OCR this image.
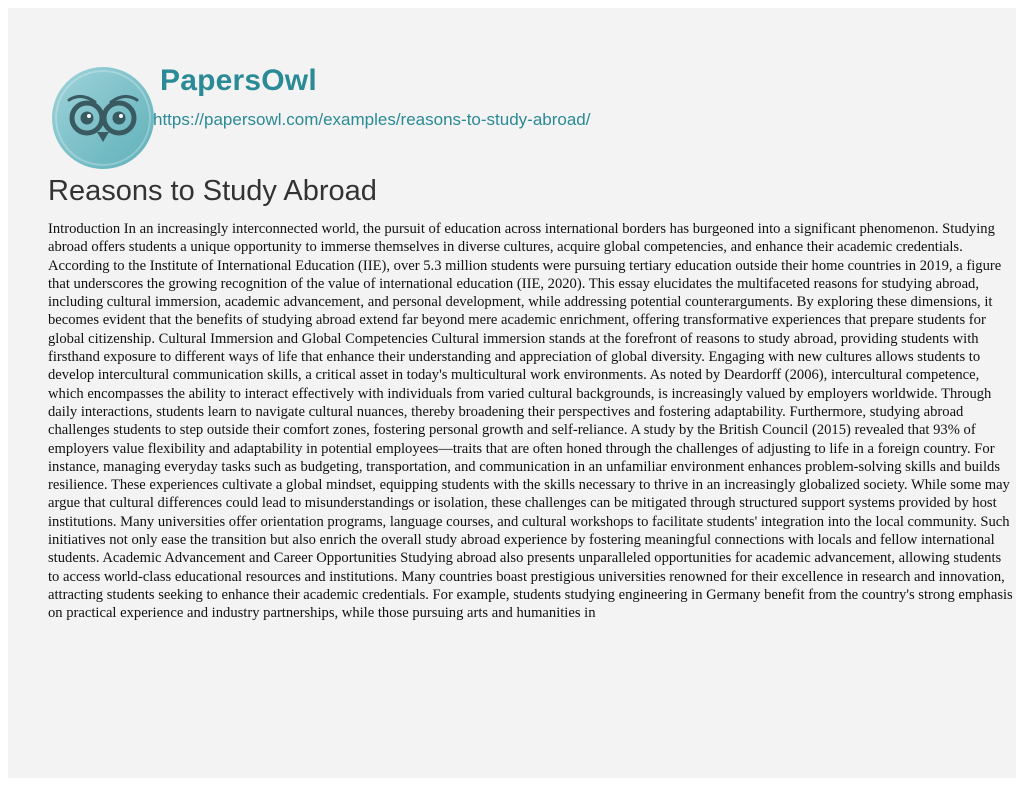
PapersOwl
https://papersowl.com/examples/reasons-to-study-abroad/
Reasons to Study Abroad

Introduction In an increasingly interconnected world, the pursuit of education across international borders has burgeoned into a significant phenomenon. Studying abroad offers students a unique opportunity to immerse themselves in diverse cultures, acquire global competencies, and enhance their academic credentials. According to the Institute of International Education (IIE), over 5.3 million students were pursuing tertiary education outside their home countries in 2019, a figure that underscores the growing recognition of the value of international education (IIE, 2020). This essay elucidates the multifaceted reasons for studying abroad, including cultural immersion, academic advancement, and personal development, while addressing potential counterarguments. By exploring these dimensions, it becomes evident that the benefits of studying abroad extend far beyond mere academic enrichment, offering transformative experiences that prepare students for global citizenship. Cultural Immersion and Global Competencies Cultural immersion stands at the forefront of reasons to study abroad, providing students with firsthand exposure to different ways of life that enhance their understanding and appreciation of global diversity. Engaging with new cultures allows students to develop intercultural communication skills, a critical asset in today's multicultural work environments. As noted by Deardorff (2006), intercultural competence, which encompasses the ability to interact effectively with individuals from varied cultural backgrounds, is increasingly valued by employers worldwide. Through daily interactions, students learn to navigate cultural nuances, thereby broadening their perspectives and fostering adaptability. Furthermore, studying abroad challenges students to step outside their comfort zones, fostering personal growth and self-reliance. A study by the British Council (2015) revealed that 93% of employers value flexibility and adaptability in potential employees—traits that are often honed through the challenges of adjusting to life in a foreign country. For instance, managing everyday tasks such as budgeting, transportation, and communication in an unfamiliar environment enhances problem-solving skills and builds resilience. These experiences cultivate a global mindset, equipping students with the skills necessary to thrive in an increasingly globalized society. While some may argue that cultural differences could lead to misunderstandings or isolation, these challenges can be mitigated through structured support systems provided by host institutions. Many universities offer orientation programs, language courses, and cultural workshops to facilitate students' integration into the local community. Such initiatives not only ease the transition but also enrich the overall study abroad experience by fostering meaningful connections with locals and fellow international students. Academic Advancement and Career Opportunities Studying abroad also presents unparalleled opportunities for academic advancement, allowing students to access world-class educational resources and institutions. Many countries boast prestigious universities renowned for their excellence in research and innovation, attracting students seeking to enhance their academic credentials. For example, students studying engineering in Germany benefit from the country's strong emphasis on practical experience and industry partnerships, while those pursuing arts and humanities in
